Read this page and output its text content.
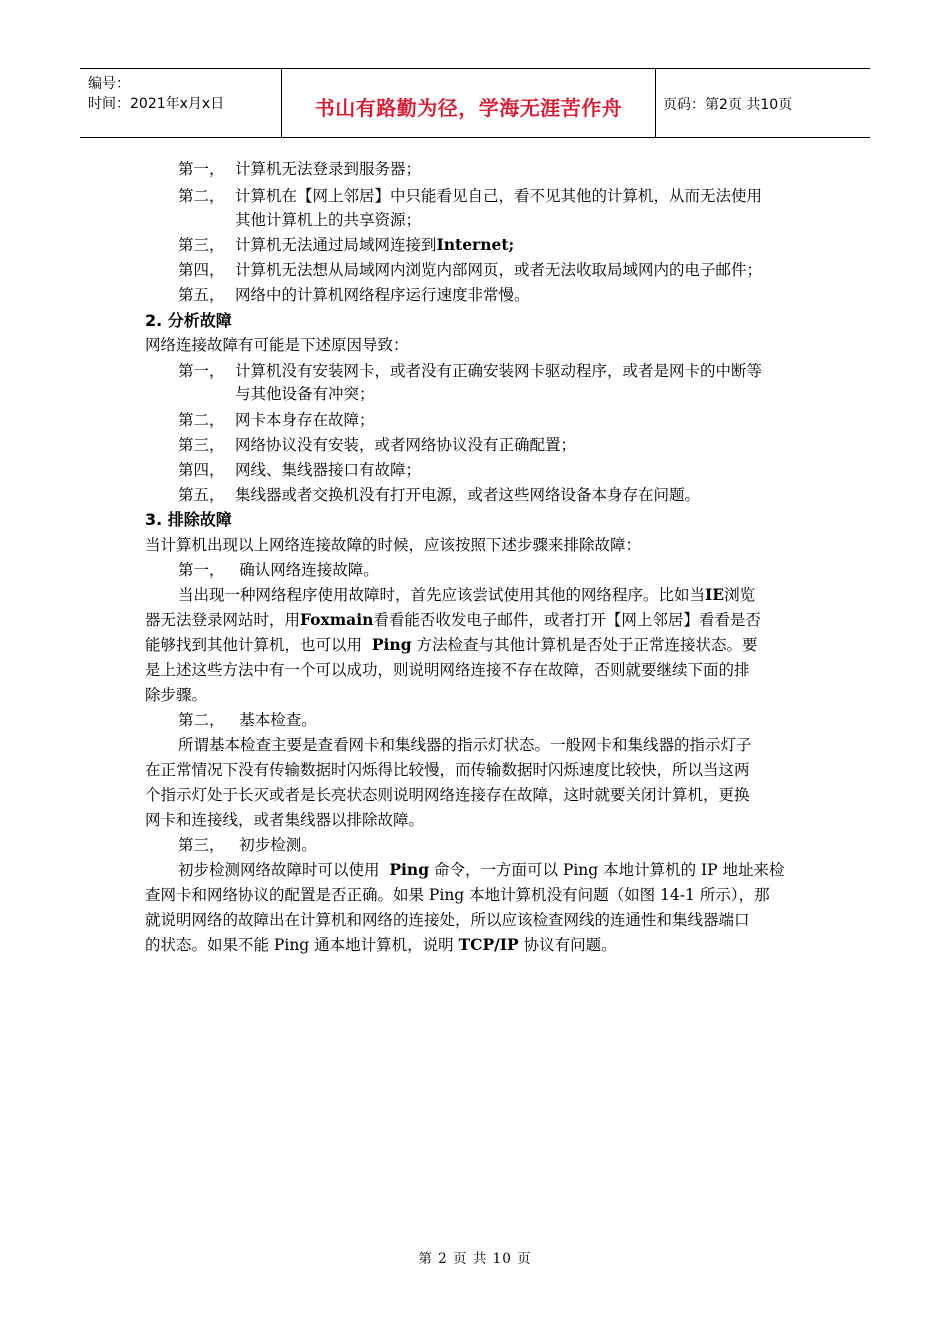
编号：
时间：2021年x月x日	书山有路勤为径，学海无涯苦作舟	页码：第2页 共10页
第一， 计算机无法登录到服务器；
第二， 计算机在【网上邻居】中只能看见自己，看不见其他的计算机，从而无法使用
其他计算机上的共享资源；
第三， 计算机无法通过局域网连接到Internet;
第四， 计算机无法想从局域网内浏览内部网页，或者无法收取局域网内的电子邮件；
第五， 网络中的计算机网络程序运行速度非常慢。
2. 分析故障
网络连接故障有可能是下述原因导致：
第一， 计算机没有安装网卡，或者没有正确安装网卡驱动程序，或者是网卡的中断等
与其他设备有冲突；
第二， 网卡本身存在故障；
第三， 网络协议没有安装，或者网络协议没有正确配置；
第四， 网线、集线器接口有故障；
第五， 集线器或者交换机没有打开电源，或者这些网络设备本身存在问题。
3. 排除故障
当计算机出现以上网络连接故障的时候，应该按照下述步骤来排除故障：
第一，   确认网络连接故障。
当出现一种网络程序使用故障时，首先应该尝试使用其他的网络程序。比如当IE浏览
器无法登录网站时，用Foxmain看看能否收发电子邮件，或者打开【网上邻居】看看是否
能够找到其他计算机，也可以用 Ping 方法检查与其他计算机是否处于正常连接状态。要
是上述这些方法中有一个可以成功，则说明网络连接不存在故障，否则就要继续下面的排
除步骤。
第二，   基本检查。
所谓基本检查主要是查看网卡和集线器的指示灯状态。一般网卡和集线器的指示灯子
在正常情况下没有传输数据时闪烁得比较慢，而传输数据时闪烁速度比较快，所以当这两
个指示灯处于长灭或者是长亮状态则说明网络连接存在故障，这时就要关闭计算机，更换
网卡和连接线，或者集线器以排除故障。
第三，   初步检测。
初步检测网络故障时可以使用 Ping 命令，一方面可以 Ping 本地计算机的 IP 地址来检
查网卡和网络协议的配置是否正确。如果 Ping 本地计算机没有问题（如图 14-1 所示），那
就说明网络的故障出在计算机和网络的连接处，所以应该检查网线的连通性和集线器端口
的状态。如果不能 Ping 通本地计算机，说明 TCP/IP 协议有问题。
第 2 页 共 10 页
